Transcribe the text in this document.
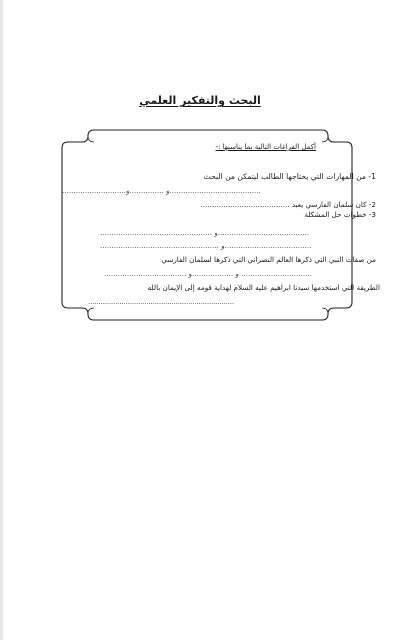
البحث والتفكير العلمي
أكمل الفراغات التالية بما يناسبها :-
1- من المهارات التي يحتاجها الطالب ليتمكن من البحث
........................................و ...............و............................
2- كان سلمان الفارسي يعبد .......................................
3- خطوات حل المشكلة
........................................و .................................................
......................................و ....................................................
من صفات النبي التي ذكرها العالم النصراني التي ذكرها لسلمان الفارسي
............................... و ..................و ....................................
الطريقة التي استخدمها سيدنا ابراهيم عليه السلام لهداية قومه إلى الإيمان بالله
......................................................................
